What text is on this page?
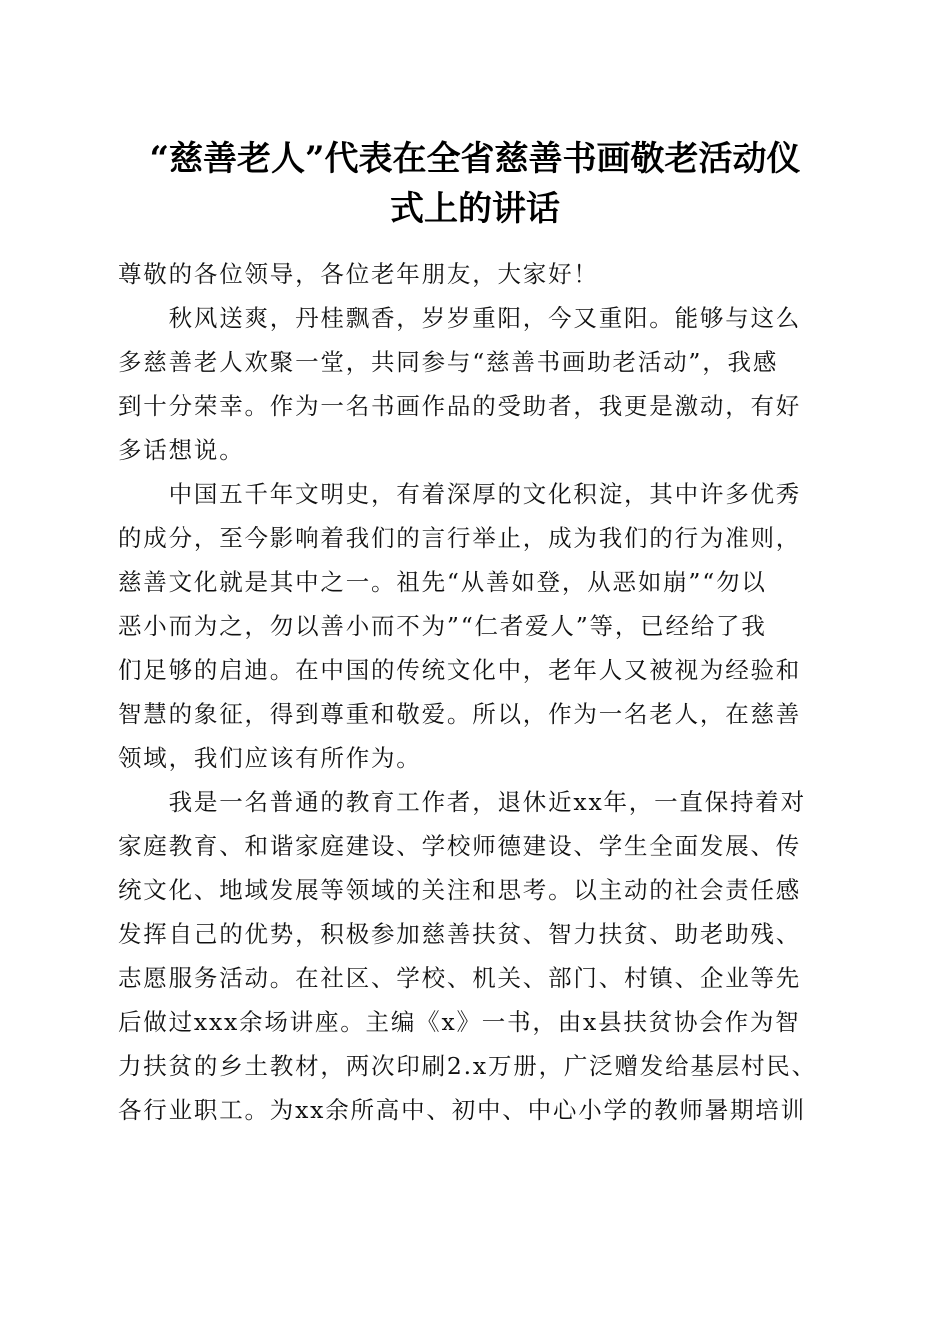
“慈善老人”代表在全省慈善书画敬老活动仪
式上的讲话
尊敬的各位领导，各位老年朋友，大家好！
　　秋风送爽，丹桂飘香，岁岁重阳，今又重阳。能够与这么
多慈善老人欢聚一堂，共同参与“慈善书画助老活动”，我感
到十分荣幸。作为一名书画作品的受助者，我更是激动，有好
多话想说。
　　中国五千年文明史，有着深厚的文化积淀，其中许多优秀
的成分，至今影响着我们的言行举止，成为我们的行为准则，
慈善文化就是其中之一。祖先“从善如登，从恶如崩”“勿以
恶小而为之，勿以善小而不为”“仁者爱人”等，已经给了我
们足够的启迪。在中国的传统文化中，老年人又被视为经验和
智慧的象征，得到尊重和敬爱。所以，作为一名老人，在慈善
领域，我们应该有所作为。
　　我是一名普通的教育工作者，退休近xx年，一直保持着对
家庭教育、和谐家庭建设、学校师德建设、学生全面发展、传
统文化、地域发展等领域的关注和思考。以主动的社会责任感
发挥自己的优势，积极参加慈善扶贫、智力扶贫、助老助残、
志愿服务活动。在社区、学校、机关、部门、村镇、企业等先
后做过xxx余场讲座。主编《x》一书，由x县扶贫协会作为智
力扶贫的乡土教材，两次印刷2.x万册，广泛赠发给基层村民、
各行业职工。为xx余所高中、初中、中心小学的教师暑期培训
